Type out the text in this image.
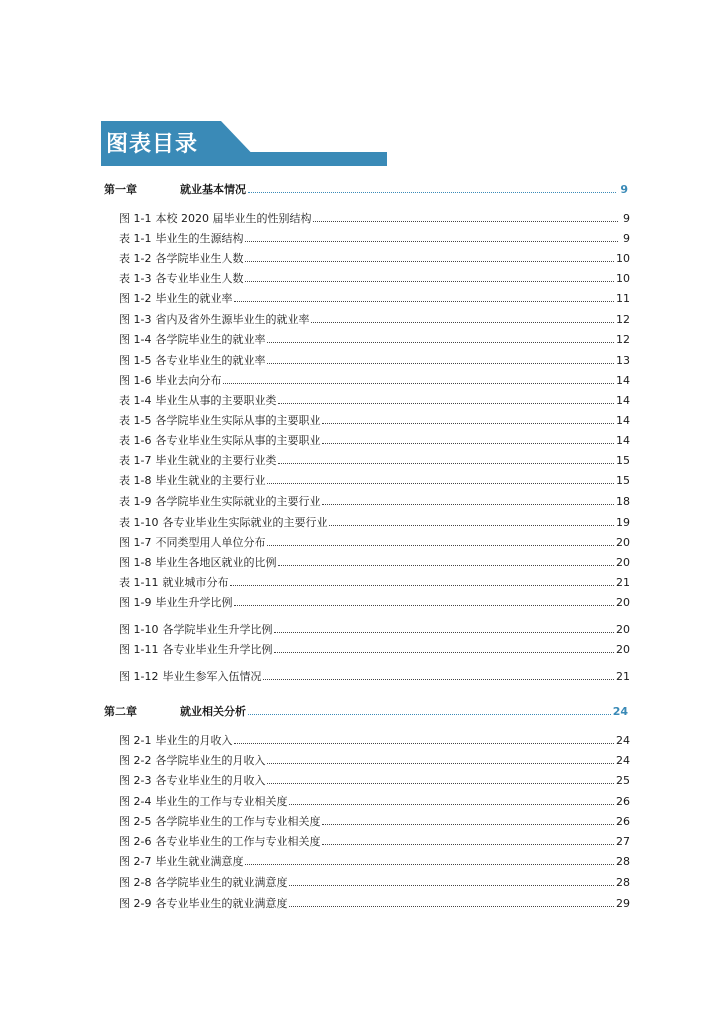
图表目录
第一章	就业基本情况	9
图 1-1 本校 2020 届毕业生的性别结构	9
表 1-1 毕业生的生源结构	9
表 1-2 各学院毕业生人数	10
表 1-3 各专业毕业生人数	10
图 1-2 毕业生的就业率	11
图 1-3 省内及省外生源毕业生的就业率	12
图 1-4 各学院毕业生的就业率	12
图 1-5 各专业毕业生的就业率	13
图 1-6 毕业去向分布	14
表 1-4 毕业生从事的主要职业类	14
表 1-5 各学院毕业生实际从事的主要职业	14
表 1-6 各专业毕业生实际从事的主要职业	14
表 1-7 毕业生就业的主要行业类	15
表 1-8 毕业生就业的主要行业	15
表 1-9 各学院毕业生实际就业的主要行业	18
表 1-10 各专业毕业生实际就业的主要行业	19
图 1-7 不同类型用人单位分布	20
图 1-8 毕业生各地区就业的比例	20
表 1-11 就业城市分布	21
图 1-9 毕业生升学比例	20
图 1-10 各学院毕业生升学比例	20
图 1-11 各专业毕业生升学比例	20
图 1-12 毕业生参军入伍情况	21
第二章	就业相关分析	24
图 2-1 毕业生的月收入	24
图 2-2 各学院毕业生的月收入	24
图 2-3 各专业毕业生的月收入	25
图 2-4 毕业生的工作与专业相关度	26
图 2-5 各学院毕业生的工作与专业相关度	26
图 2-6 各专业毕业生的工作与专业相关度	27
图 2-7 毕业生就业满意度	28
图 2-8 各学院毕业生的就业满意度	28
图 2-9 各专业毕业生的就业满意度	29
